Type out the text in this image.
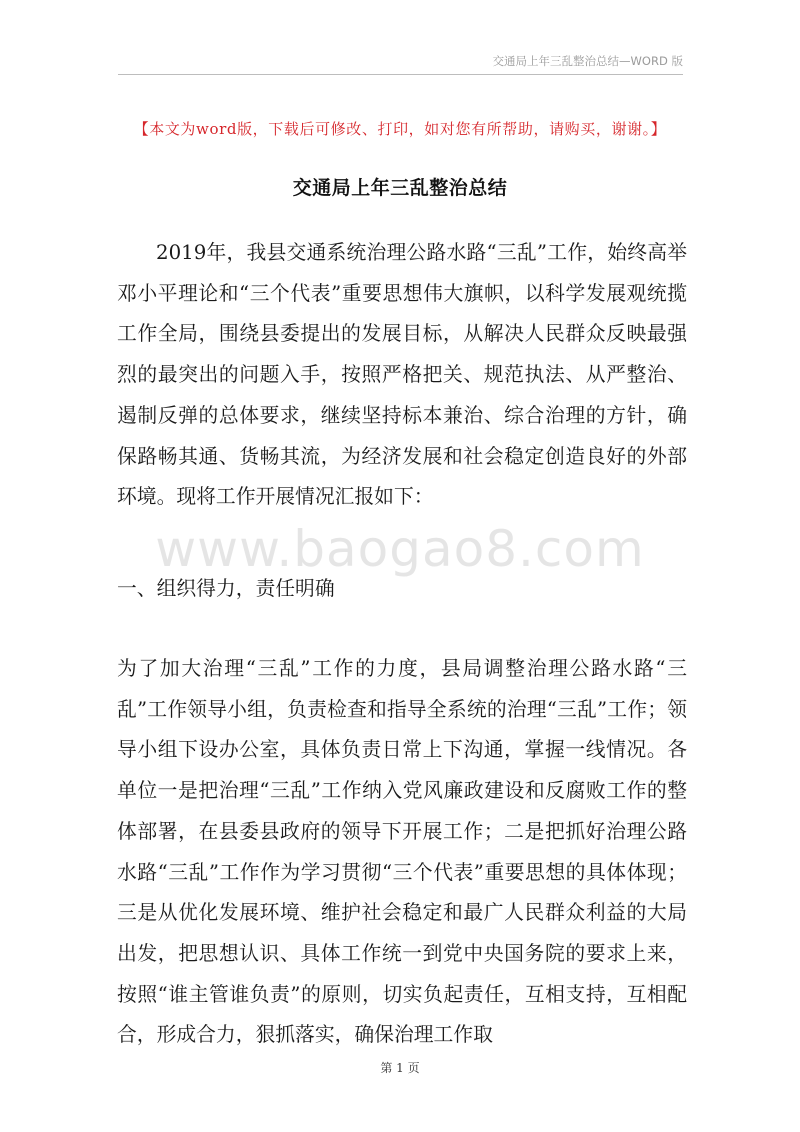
交通局上年三乱整治总结—WORD 版
【本文为word版，下载后可修改、打印，如对您有所帮助，请购买，谢谢。】
交通局上年三乱整治总结
2019年，我县交通系统治理公路水路“三乱”工作，始终高举邓小平理论和“三个代表”重要思想伟大旗帜，以科学发展观统揽工作全局，围绕县委提出的发展目标，从解决人民群众反映最强烈的最突出的问题入手，按照严格把关、规范执法、从严整治、遏制反弹的总体要求，继续坚持标本兼治、综合治理的方针，确保路畅其通、货畅其流，为经济发展和社会稳定创造良好的外部环境。现将工作开展情况汇报如下：
www.baogao8.com
一、组织得力，责任明确
为了加大治理“三乱”工作的力度，县局调整治理公路水路“三乱”工作领导小组，负责检查和指导全系统的治理“三乱”工作；领导小组下设办公室，具体负责日常上下沟通，掌握一线情况。各单位一是把治理“三乱”工作纳入党风廉政建设和反腐败工作的整体部署，在县委县政府的领导下开展工作；二是把抓好治理公路水路“三乱”工作作为学习贯彻“三个代表”重要思想的具体体现；三是从优化发展环境、维护社会稳定和最广人民群众利益的大局出发，把思想认识、具体工作统一到党中央国务院的要求上来，按照“谁主管谁负责”的原则，切实负起责任，互相支持，互相配合，形成合力，狠抓落实，确保治理工作取
第 1 页
